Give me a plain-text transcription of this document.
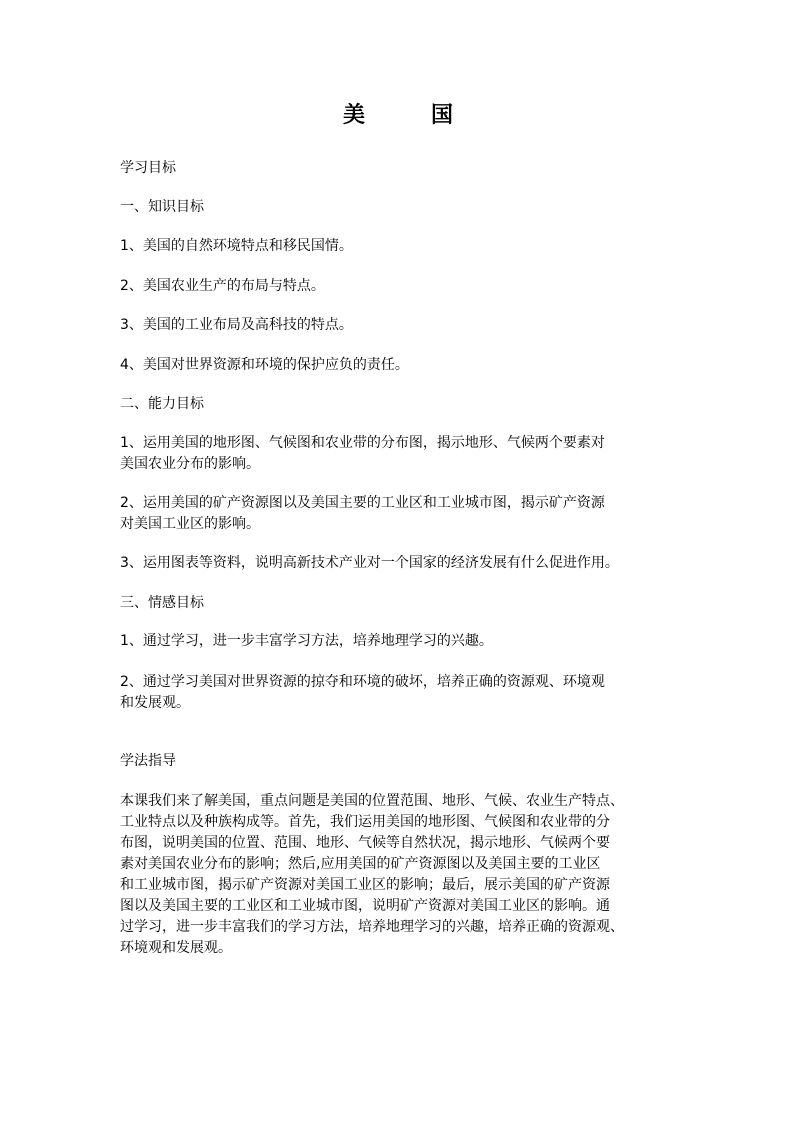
美	国
学习目标
一、知识目标
1、美国的自然环境特点和移民国情。
2、美国农业生产的布局与特点。
3、美国的工业布局及高科技的特点。
4、美国对世界资源和环境的保护应负的责任。
二、能力目标
1、运用美国的地形图、气候图和农业带的分布图，揭示地形、气候两个要素对
美国农业分布的影响。
2、运用美国的矿产资源图以及美国主要的工业区和工业城市图，揭示矿产资源
对美国工业区的影响。
3、运用图表等资料，说明高新技术产业对一个国家的经济发展有什么促进作用。
三、情感目标
1、通过学习，进一步丰富学习方法，培养地理学习的兴趣。
2、通过学习美国对世界资源的掠夺和环境的破坏，培养正确的资源观、环境观
和发展观。
学法指导
本课我们来了解美国，重点问题是美国的位置范围、地形、气候、农业生产特点、
工业特点以及种族构成等。首先，我们运用美国的地形图、气候图和农业带的分
布图，说明美国的位置、范围、地形、气候等自然状况，揭示地形、气候两个要
素对美国农业分布的影响；然后,应用美国的矿产资源图以及美国主要的工业区
和工业城市图，揭示矿产资源对美国工业区的影响；最后，展示美国的矿产资源
图以及美国主要的工业区和工业城市图，说明矿产资源对美国工业区的影响。通
过学习，进一步丰富我们的学习方法，培养地理学习的兴趣，培养正确的资源观、
环境观和发展观。
